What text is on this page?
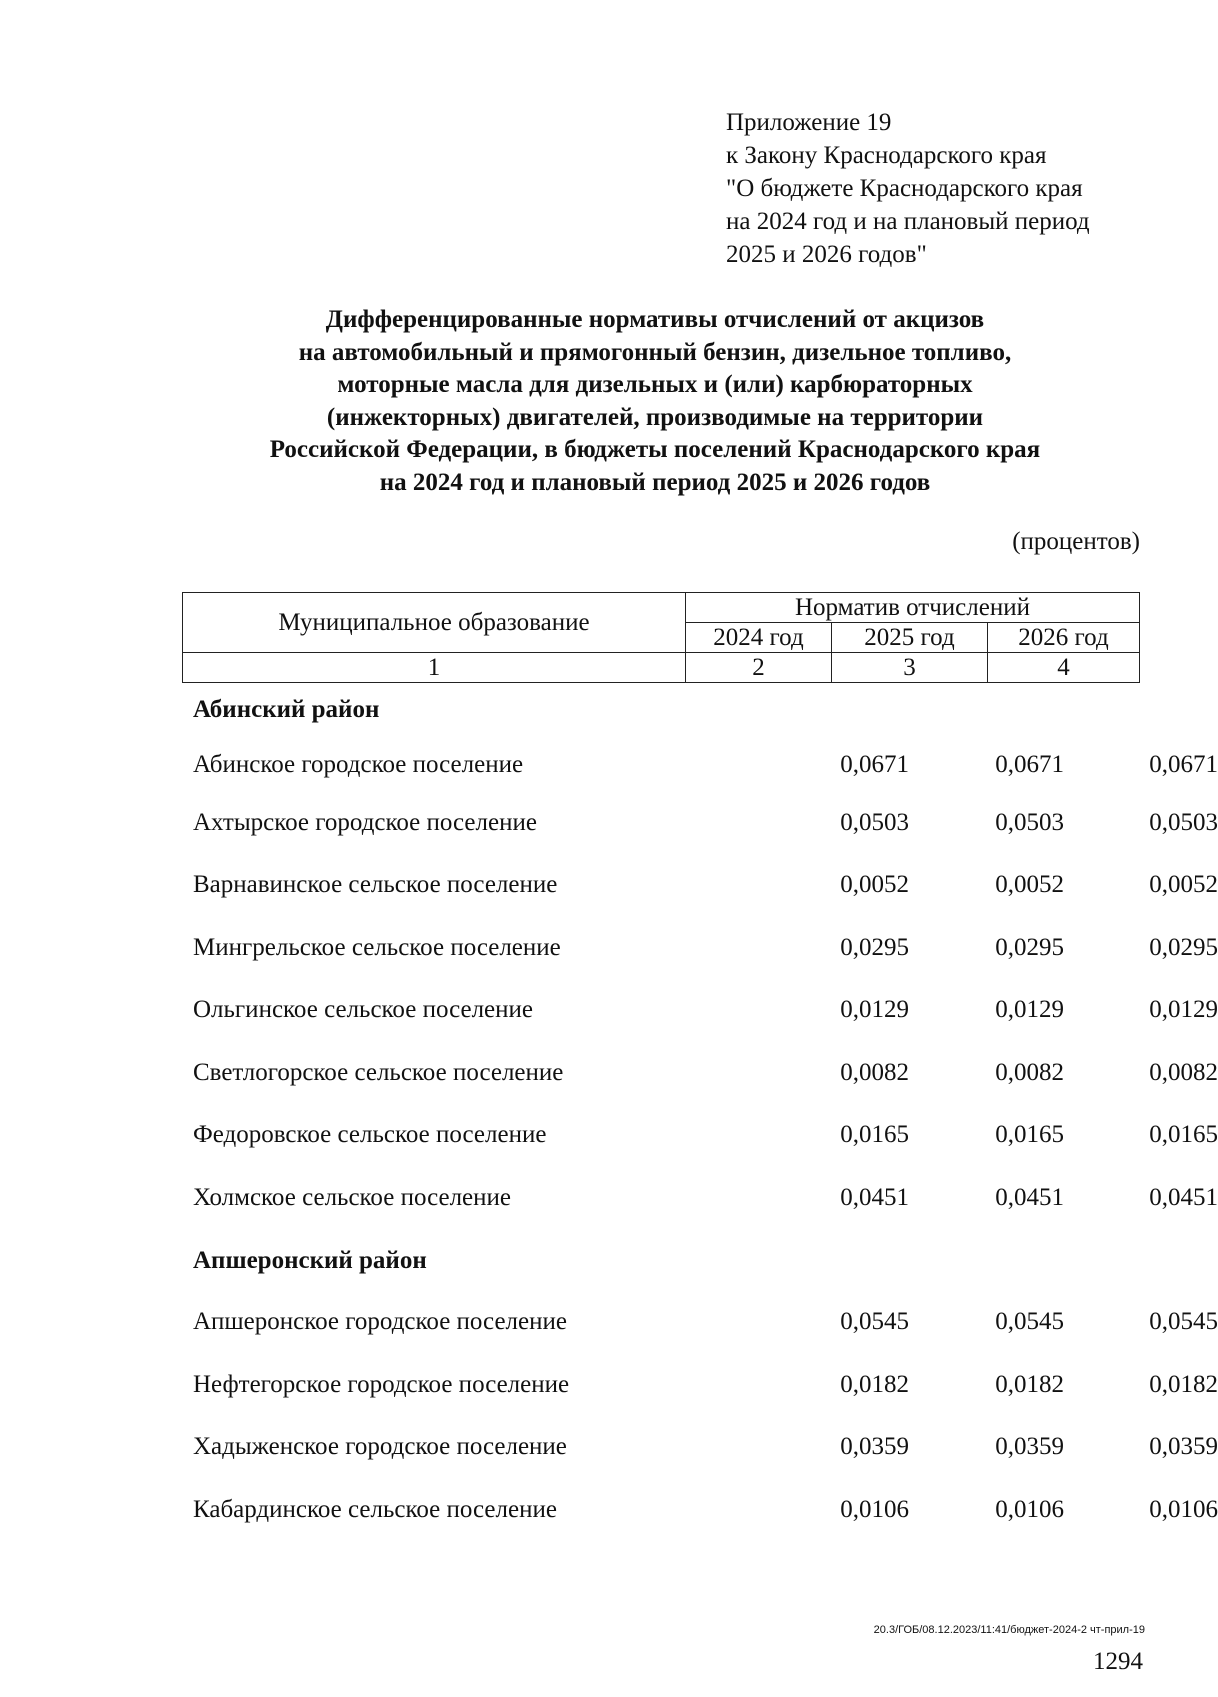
Приложение 19
к Закону Краснодарского края
"О бюджете Краснодарского края
на 2024 год и на плановый период
2025 и 2026 годов"
Дифференцированные нормативы отчислений от акцизов
на автомобильный и прямогонный бензин, дизельное топливо,
моторные масла для дизельных и (или) карбюраторных
(инжекторных) двигателей, производимые на территории
Российской Федерации, в бюджеты поселений Краснодарского края
на 2024 год и плановый период 2025 и 2026 годов
(процентов)
Муниципальное образование	Норматив отчислений		
	2024 год	2025 год	2026 год
1	2	3	4
Абинский район
Абинское городское поселение	0,0671	0,0671	0,0671
Ахтырское городское поселение	0,0503	0,0503	0,0503
Варнавинское сельское поселение	0,0052	0,0052	0,0052
Мингрельское сельское поселение	0,0295	0,0295	0,0295
Ольгинское сельское поселение	0,0129	0,0129	0,0129
Светлогорское сельское поселение	0,0082	0,0082	0,0082
Федоровское сельское поселение	0,0165	0,0165	0,0165
Холмское сельское поселение	0,0451	0,0451	0,0451
Апшеронский район
Апшеронское городское поселение	0,0545	0,0545	0,0545
Нефтегорское городское поселение	0,0182	0,0182	0,0182
Хадыженское городское поселение	0,0359	0,0359	0,0359
Кабардинское сельское поселение	0,0106	0,0106	0,0106
20.3/ГОБ/08.12.2023/11:41/бюджет-2024-2 чт-прил-19
1294
